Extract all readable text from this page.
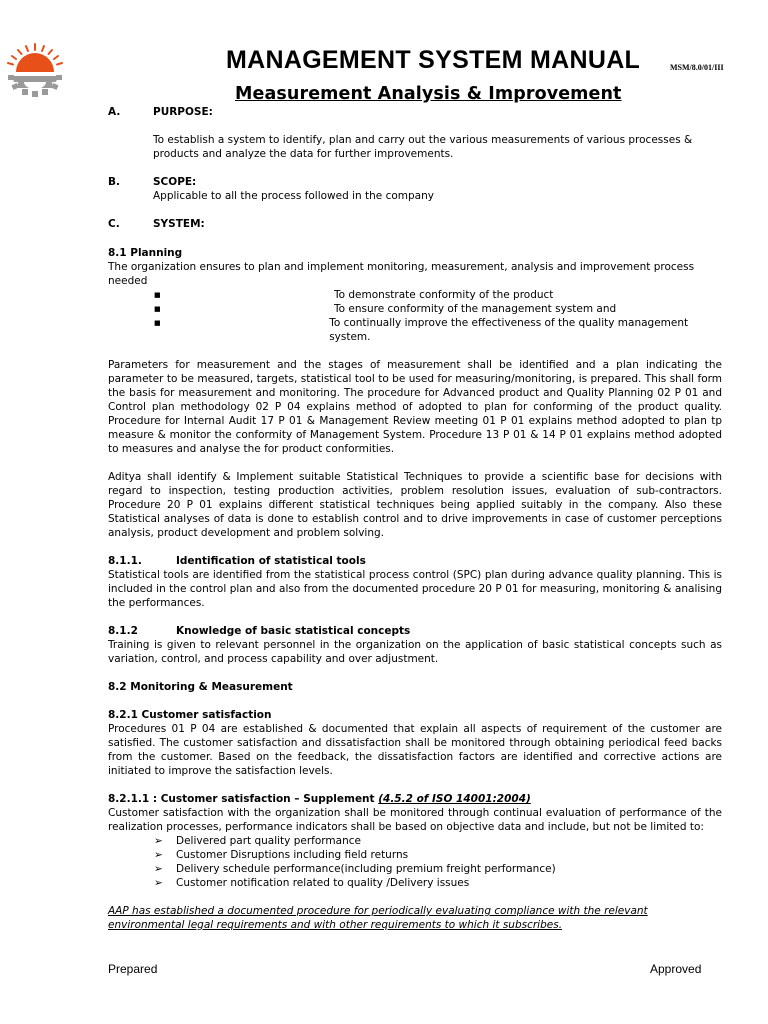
MANAGEMENT SYSTEM MANUAL	MSM/8.0/01/III
Measurement Analysis & Improvement
A.	PURPOSE:

To establish a system to identify, plan and carry out the various measurements of various processes & products and analyze the data for further improvements.

B.	SCOPE:

Applicable to all the process followed in the company

C.	SYSTEM:

8.1 Planning

The organization ensures to plan and implement monitoring, measurement, analysis and improvement process needed

■	To demonstrate conformity of the product
■	To ensure conformity of the management system and
■	To continually improve the effectiveness of the quality management system.

Parameters for measurement and the stages of measurement shall be identified and a plan indicating the parameter to be measured, targets, statistical tool to be used for measuring/monitoring, is prepared. This shall form the basis for measurement and monitoring. The procedure for Advanced product and Quality Planning 02 P 01 and Control plan methodology 02 P 04 explains method of adopted to plan for conforming of the product quality. Procedure for Internal Audit 17 P 01 & Management Review meeting 01 P 01 explains method adopted to plan tp measure & monitor the conformity of Management System. Procedure 13 P 01 & 14 P 01 explains method adopted to measures and analyse the for product conformities.

Aditya shall identify & Implement suitable Statistical Techniques to provide a scientific base for decisions with regard to inspection, testing production activities, problem resolution issues, evaluation of sub-contractors. Procedure 20 P 01 explains different statistical techniques being applied suitably in the company. Also these Statistical analyses of data is done to establish control and to drive improvements in case of customer perceptions analysis, product development and problem solving.

8.1.1.	Identification of statistical tools

Statistical tools are identified from the statistical process control (SPC) plan during advance quality planning. This is included in the control plan and also from the documented procedure 20 P 01 for measuring, monitoring & analising the performances.

8.1.2	Knowledge of basic statistical concepts

Training is given to relevant personnel in the organization on the application of basic statistical concepts such as variation, control, and process capability and over adjustment.

8.2 Monitoring & Measurement

8.2.1 Customer satisfaction

Procedures 01 P 04 are established & documented that explain all aspects of requirement of the customer are satisfied. The customer satisfaction and dissatisfaction shall be monitored through obtaining periodical feed backs from the customer. Based on the feedback, the dissatisfaction factors are identified and corrective actions are initiated to improve the satisfaction levels.

8.2.1.1 : Customer satisfaction – Supplement (4.5.2 of ISO 14001:2004)

Customer satisfaction with the organization shall be monitored through continual evaluation of performance of the realization processes, performance indicators shall be based on objective data and include, but not be limited to:

➢	Delivered part quality performance
➢	Customer Disruptions including field returns
➢	Delivery schedule performance(including premium freight performance)
➢	Customer notification related to quality /Delivery issues

AAP has established a documented procedure for periodically evaluating compliance with the relevant environmental legal requirements and with other requirements to which it subscribes.

Prepared	Approved
